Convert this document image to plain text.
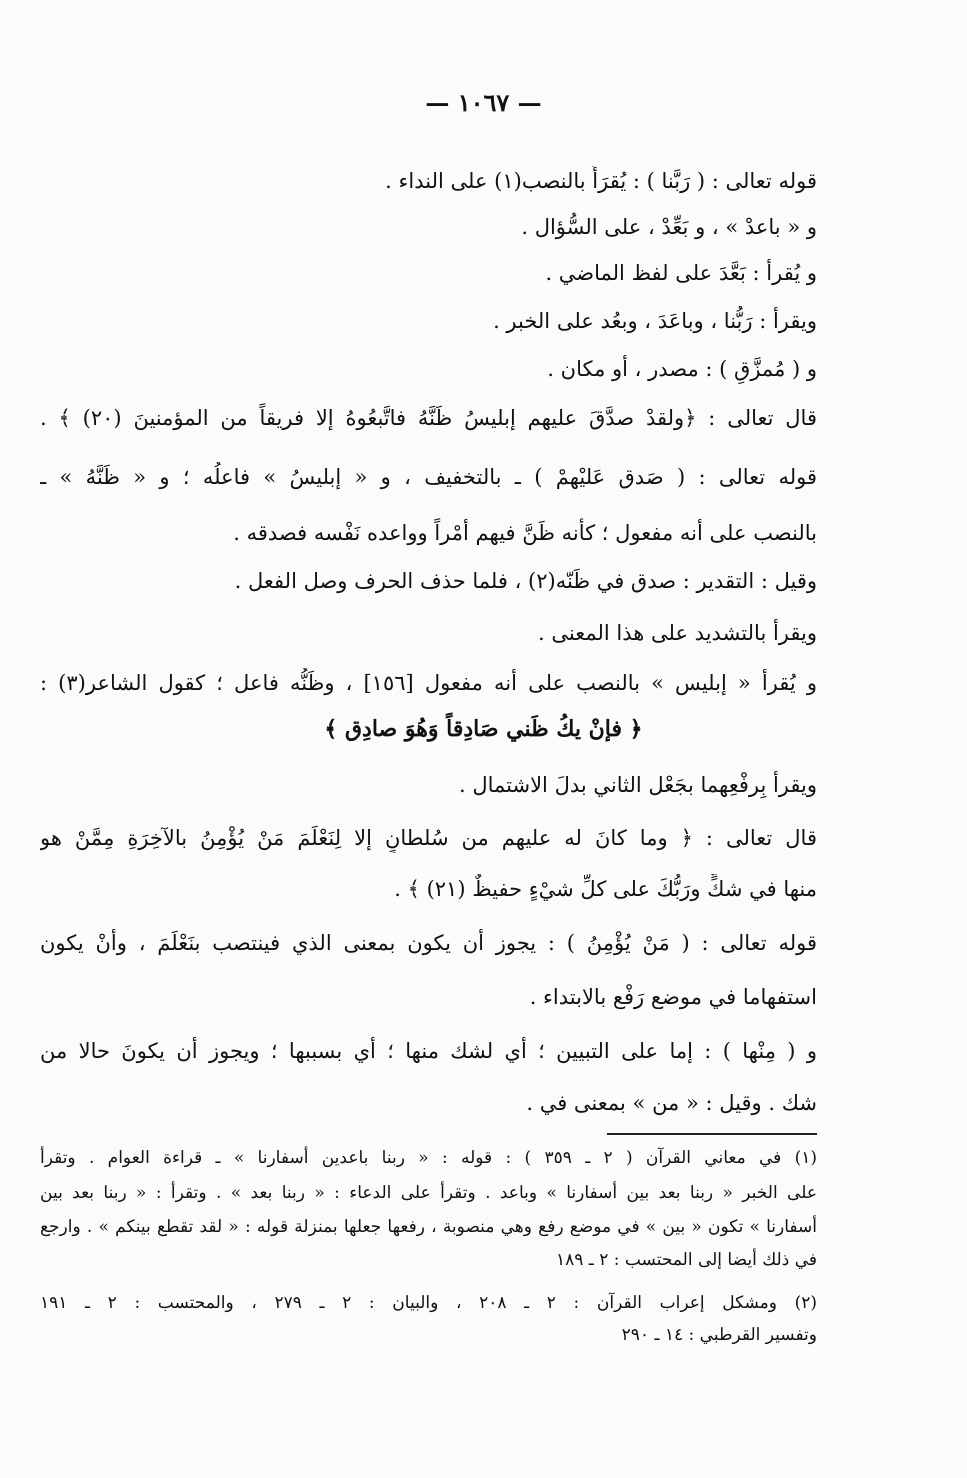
— ١٠٦٧ —
قوله تعالى : ( رَبَّنا ) : يُقرَأُ بالنصب(١) على النداء .
و « باعدْ » ، و بَعِّدْ ، على السُّؤال .
و يُقرأ : بَعَّدَ على لفظ الماضي .
ويقرأ : رَبُّنا ، وباعَدَ ، وبعُد على الخبر .
و ( مُمزَّقٍ ) : مصدر ، أو مكان .
قال تعالى : ﴿ولقدْ صدَّقَ عليهم إبليسُ ظَنَّهُ فاتَّبعُوهُ إلا فريقاً من المؤمنينَ (٢٠) ﴾ .
قوله تعالى : ( صَدق عَليْهمْ ) ـ بالتخفيف ، و « إبليسُ » فاعلُه ؛ و « ظَنَّهُ » ـ
بالنصب على أنه مفعول ؛ كأنه ظَنَّ فيهم أمْراً وواعده نَفْسه فصدقه .
وقيل : التقدير : صدق في ظَنّه(٢) ، فلما حذف الحرف وصل الفعل .
ويقرأ بالتشديد على هذا المعنى .
و يُقرأ « إبليس » بالنصب على أنه مفعول [١٥٦] ، وظَنُّه فاعل ؛ كقول الشاعر(٣) :
﴿ فإنْ يكُ ظَني صَادِقاً وَهُوَ صادِق ﴾
ويقرأ بِرفْعِهما بجَعْل الثاني بدلَ الاشتمال .
قال تعالى : ﴿ وما كانَ له عليهم من سُلطانٍ إلا لِنَعْلَمَ مَنْ يُؤْمِنُ بالآخِرَةِ مِمَّنْ هو
منها في شكٍّ ورَبُّكَ على كلِّ شيْءٍ حفيظٌ (٢١) ﴾ .
قوله تعالى : ( مَنْ يُؤْمِنُ ) : يجوز أن يكون بمعنى الذي فينتصب بنَعْلَمَ ، وأنْ يكون
استفهاما في موضع رَفْع بالابتداء .
و ( مِنْها ) : إما على التبيين ؛ أي لشك منها ؛ أي بسببها ؛ ويجوز أن يكونَ حالا من
شك . وقيل : « من » بمعنى في .
(١) في معاني القرآن ( ٢ ـ ٣٥٩ ) : قوله : « ربنا باعدين أسفارنا » ـ قراءة العوام . وتقرأ
على الخبر « ربنا بعد بين أسفارنا » وباعد . وتقرأ على الدعاء : « ربنا بعد » . وتقرأ : « ربنا بعد بين
أسفارنا » تكون « بين » في موضع رفع وهي منصوبة ، رفعها جعلها بمنزلة قوله : « لقد تقطع بينكم » . وارجع
في ذلك أيضا إلى المحتسب : ٢ ـ ١٨٩
(٢) ومشكل إعراب القرآن : ٢ ـ ٢٠٨ ، والبيان : ٢ ـ ٢٧٩ ، والمحتسب : ٢ ـ ١٩١
وتفسير القرطبي : ١٤ ـ ٢٩٠
